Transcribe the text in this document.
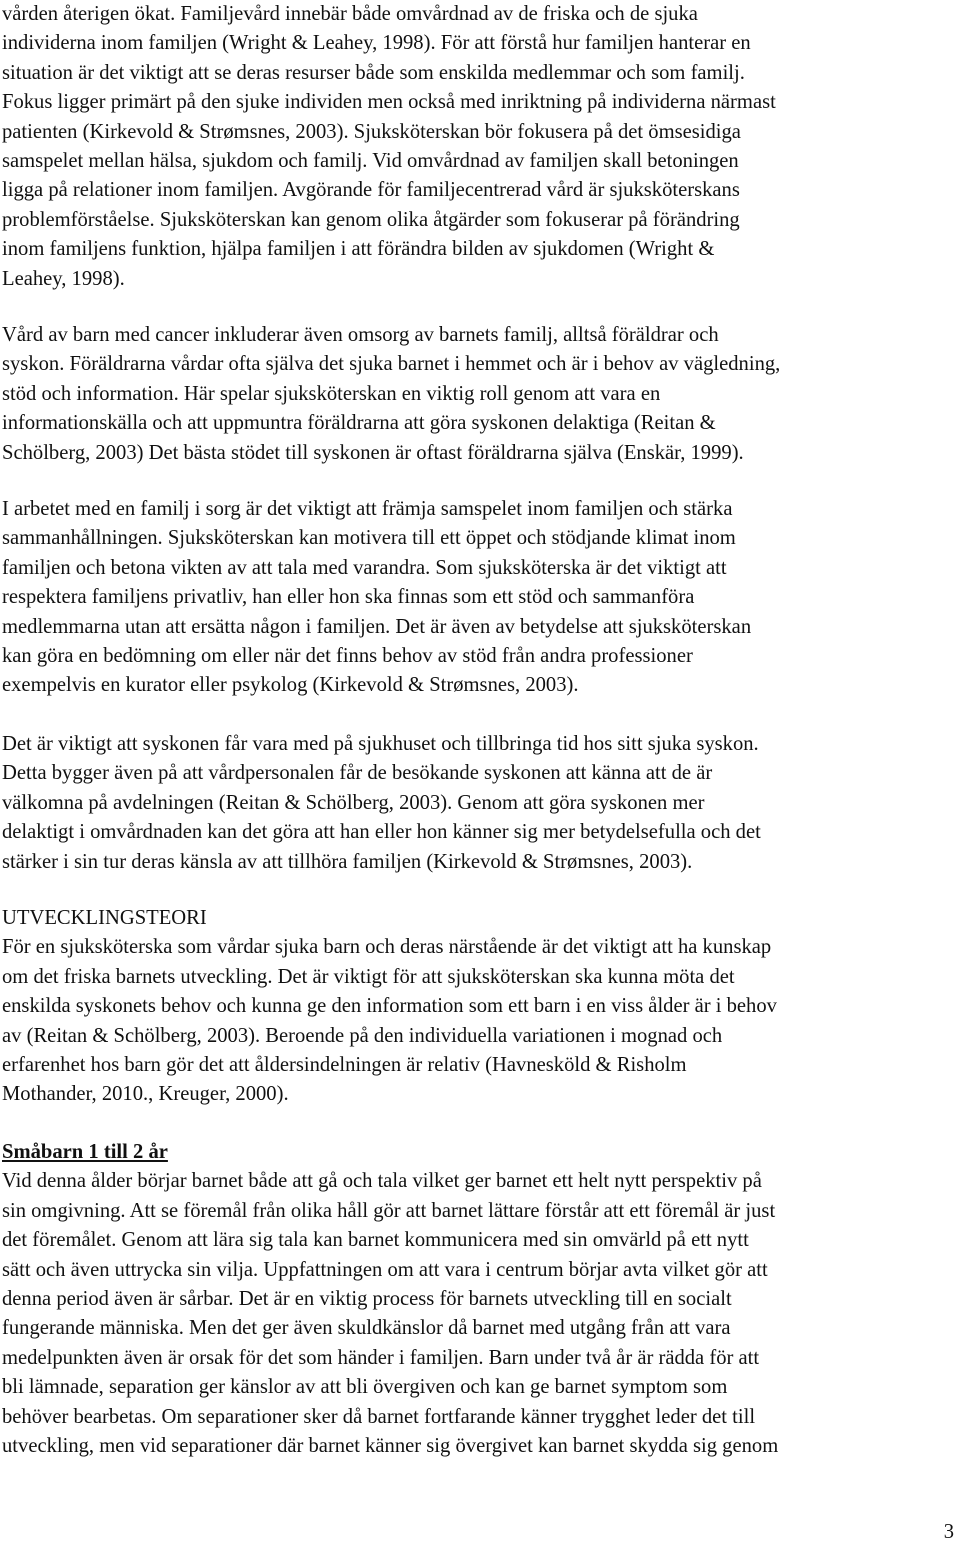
vården återigen ökat. Familjevård innebär både omvårdnad av de friska och de sjuka
individerna inom familjen (Wright & Leahey, 1998). För att förstå hur familjen hanterar en
situation är det viktigt att se deras resurser både som enskilda medlemmar och som familj.
Fokus ligger primärt på den sjuke individen men också med inriktning på individerna närmast
patienten (Kirkevold & Strømsnes, 2003). Sjuksköterskan bör fokusera på det ömsesidiga
samspelet mellan hälsa, sjukdom och familj. Vid omvårdnad av familjen skall betoningen
ligga på relationer inom familjen. Avgörande för familjecentrerad vård är sjuksköterskans
problemförståelse. Sjuksköterskan kan genom olika åtgärder som fokuserar på förändring
inom familjens funktion, hjälpa familjen i att förändra bilden av sjukdomen (Wright &
Leahey, 1998).

Vård av barn med cancer inkluderar även omsorg av barnets familj, alltså föräldrar och
syskon. Föräldrarna vårdar ofta själva det sjuka barnet i hemmet och är i behov av vägledning,
stöd och information. Här spelar sjuksköterskan en viktig roll genom att vara en
informationskälla och att uppmuntra föräldrarna att göra syskonen delaktiga (Reitan &
Schölberg, 2003) Det bästa stödet till syskonen är oftast föräldrarna själva (Enskär, 1999).

I arbetet med en familj i sorg är det viktigt att främja samspelet inom familjen och stärka
sammanhållningen. Sjuksköterskan kan motivera till ett öppet och stödjande klimat inom
familjen och betona vikten av att tala med varandra. Som sjuksköterska är det viktigt att
respektera familjens privatliv, han eller hon ska finnas som ett stöd och sammanföra
medlemmarna utan att ersätta någon i familjen. Det är även av betydelse att sjuksköterskan
kan göra en bedömning om eller när det finns behov av stöd från andra professioner
exempelvis en kurator eller psykolog (Kirkevold & Strømsnes, 2003).

Det är viktigt att syskonen får vara med på sjukhuset och tillbringa tid hos sitt sjuka syskon.
Detta bygger även på att vårdpersonalen får de besökande syskonen att känna att de är
välkomna på avdelningen (Reitan & Schölberg, 2003). Genom att göra syskonen mer
delaktigt i omvårdnaden kan det göra att han eller hon känner sig mer betydelsefulla och det
stärker i sin tur deras känsla av att tillhöra familjen (Kirkevold & Strømsnes, 2003).

UTVECKLINGSTEORI

För en sjuksköterska som vårdar sjuka barn och deras närstående är det viktigt att ha kunskap
om det friska barnets utveckling. Det är viktigt för att sjuksköterskan ska kunna möta det
enskilda syskonets behov och kunna ge den information som ett barn i en viss ålder är i behov
av (Reitan & Schölberg, 2003). Beroende på den individuella variationen i mognad och
erfarenhet hos barn gör det att åldersindelningen är relativ (Havnesköld & Risholm
Mothander, 2010., Kreuger, 2000).

Småbarn 1 till 2 år

Vid denna ålder börjar barnet både att gå och tala vilket ger barnet ett helt nytt perspektiv på
sin omgivning. Att se föremål från olika håll gör att barnet lättare förstår att ett föremål är just
det föremålet. Genom att lära sig tala kan barnet kommunicera med sin omvärld på ett nytt
sätt och även uttrycka sin vilja. Uppfattningen om att vara i centrum börjar avta vilket gör att
denna period även är sårbar. Det är en viktig process för barnets utveckling till en socialt
fungerande människa. Men det ger även skuldkänslor då barnet med utgång från att vara
medelpunkten även är orsak för det som händer i familjen. Barn under två år är rädda för att
bli lämnade, separation ger känslor av att bli övergiven och kan ge barnet symptom som
behöver bearbetas. Om separationer sker då barnet fortfarande känner trygghet leder det till
utveckling, men vid separationer där barnet känner sig övergivet kan barnet skydda sig genom

3
